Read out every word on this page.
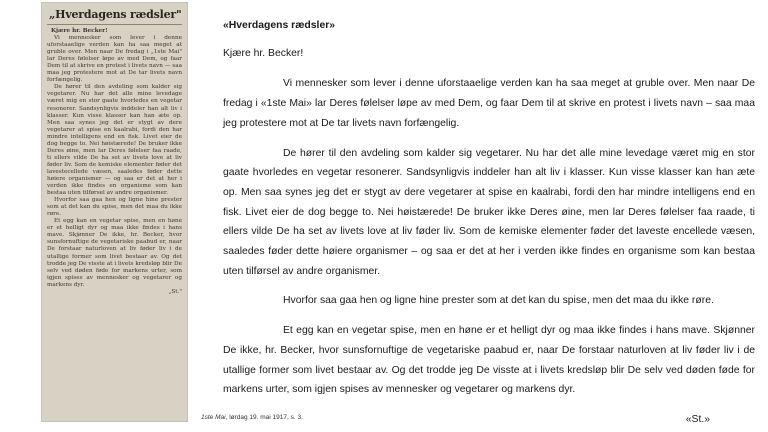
„Hverdagens rædsler"

Kjære hr. Becker!

Vi mennesker som lever i denne uforstaaelige verden kan ha saa meget at gruble over. Men naar De fredag i „1ste Mai" lar Deres følelser løpe av med Dem, og faar Dem til at skrive en protest i livets navn — saa maa jeg protestere mot at De tar livets navn forfængelig.

De hører til den avdeling som kalder sig vegetarer. Nu har det alle mine levedage været mig en stor gaate hvorledes en vegetar resonerer. Sandsynligvis inddeler han alt liv i klasser. Kun visse klasser kan han æte op. Men saa synes jeg det er stygt av dere vegetarer at spise en kaalrabi, fordi den har mindre intelligens end en fisk. Livet eier de dog begge to. Nei høistærede! De bruker ikke Deres øine, men lar Deres følelser faa raade, ti ellers vilde De ha set av livets love at liv føder liv. Som de kemiske elementer føder det lavestecellede væsen, saaledes føder dette høiere organismer — og saa er det at her i verden ikke findes en organisme som kan bestaa uten tilførsel av andre organismer.

Hvorfor saa gaa hen og ligne hine prester som at det kan du spise, men det maa du ikke røre.

Et egg kan en vegetar spise, men en høne er et helligt dyr og maa ikke findes i hans mave. Skjønner De ikke, hr. Becker, hvor sunsfornuftige de vegetariske paabud er, naar De forstaar naturloven at liv føder liv i de utallige former som livet bestaar av. Og det trodde jeg De visste at i livets kredsløp blir De selv ved døden føde for markens urter, som igjen spises av mennesker og vegetarer og markens dyr.

„St."

1ste Mai, lørdag 19. mai 1917, s. 3.
«Hverdagens rædsler»
Kjære hr. Becker!

Vi mennesker som lever i denne uforstaaelige verden kan ha saa meget at gruble over. Men naar De fredag i «1ste Mai» lar Deres følelser løpe av med Dem, og faar Dem til at skrive en protest i livets navn – saa maa jeg protestere mot at De tar livets navn forfængelig.

De hører til den avdeling som kalder sig vegetarer. Nu har det alle mine levedage været mig en stor gaate hvorledes en vegetar resonerer. Sandsynligvis inddeler han alt liv i klasser. Kun visse klasser kan han æte op. Men saa synes jeg det er stygt av dere vegetarer at spise en kaalrabi, fordi den har mindre intelligens end en fisk. Livet eier de dog begge to. Nei høistærede! De bruker ikke Deres øine, men lar Deres følelser faa raade, ti ellers vilde De ha set av livets love at liv føder liv. Som de kemiske elementer føder det laveste encellede væsen, saaledes føder dette høiere organismer – og saa er det at her i verden ikke findes en organisme som kan bestaa uten tilførsel av andre organismer.

Hvorfor saa gaa hen og ligne hine prester som at det kan du spise, men det maa du ikke røre.

Et egg kan en vegetar spise, men en høne er et helligt dyr og maa ikke findes i hans mave. Skjønner De ikke, hr. Becker, hvor sunsfornuftige de vegetariske paabud er, naar De forstaar naturloven at liv føder liv i de utallige former som livet bestaar av. Og det trodde jeg De visste at i livets kredsløp blir De selv ved døden føde for markens urter, som igjen spises av mennesker og vegetarer og markens dyr.

«St.»
